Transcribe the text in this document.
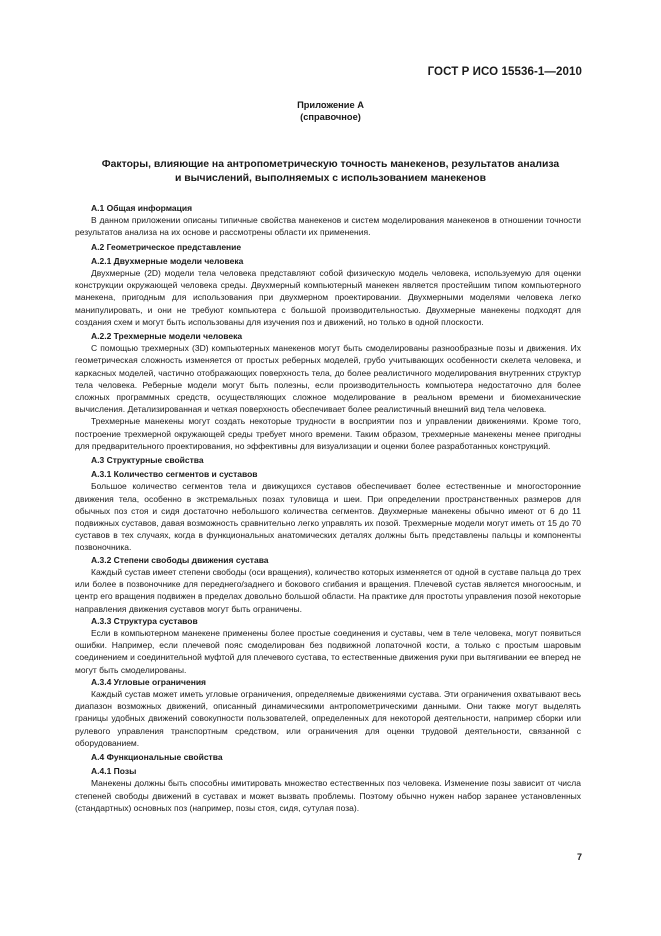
ГОСТ Р ИСО 15536-1—2010
Приложение А
(справочное)
Факторы, влияющие на антропометрическую точность манекенов, результатов анализа
и вычислений, выполняемых с использованием манекенов
А.1 Общая информация

В данном приложении описаны типичные свойства манекенов и систем моделирования манекенов в отношении точности результатов анализа на их основе и рассмотрены области их применения.

А.2 Геометрическое представление
А.2.1 Двухмерные модели человека

Двухмерные (2D) модели тела человека представляют собой физическую модель человека, используемую для оценки конструкции окружающей человека среды. Двухмерный компьютерный манекен является простейшим типом компьютерного манекена, пригодным для использования при двухмерном проектировании. Двухмерными моделями человека легко манипулировать, и они не требуют компьютера с большой производительностью. Двухмерные манекены подходят для создания схем и могут быть использованы для изучения поз и движений, но только в одной плоскости.

А.2.2 Трехмерные модели человека

С помощью трехмерных (3D) компьютерных манекенов могут быть смоделированы разнообразные позы и движения. Их геометрическая сложность изменяется от простых реберных моделей, грубо учитывающих особенности скелета человека, и каркасных моделей, частично отображающих поверхность тела, до более реалистичного моделирования внутренних структур тела человека. Реберные модели могут быть полезны, если производительность компьютера недостаточно для более сложных программных средств, осуществляющих сложное моделирование в реальном времени и биомеханические вычисления. Детализированная и четкая поверхность обеспечивает более реалистичный внешний вид тела человека.

Трехмерные манекены могут создать некоторые трудности в восприятии поз и управлении движениями. Кроме того, построение трехмерной окружающей среды требует много времени. Таким образом, трехмерные манекены менее пригодны для предварительного проектирования, но эффективны для визуализации и оценки более разработанных конструкций.

А.3 Структурные свойства
А.3.1 Количество сегментов и суставов

Большое количество сегментов тела и движущихся суставов обеспечивает более естественные и многосторонние движения тела, особенно в экстремальных позах туловища и шеи. При определении пространственных размеров для обычных поз стоя и сидя достаточно небольшого количества сегментов. Двухмерные манекены обычно имеют от 6 до 11 подвижных суставов, давая возможность сравнительно легко управлять их позой. Трехмерные модели могут иметь от 15 до 70 суставов в тех случаях, когда в функциональных анатомических деталях должны быть представлены пальцы и компоненты позвоночника.

А.3.2 Степени свободы движения сустава

Каждый сустав имеет степени свободы (оси вращения), количество которых изменяется от одной в суставе пальца до трех или более в позвоночнике для переднего/заднего и бокового сгибания и вращения. Плечевой сустав является многоосным, и центр его вращения подвижен в пределах довольно большой области. На практике для простоты управления позой некоторые направления движения суставов могут быть ограничены.

А.3.3 Структура суставов

Если в компьютерном манекене применены более простые соединения и суставы, чем в теле человека, могут появиться ошибки. Например, если плечевой пояс смоделирован без подвижной лопаточной кости, а только с простым шаровым соединением и соединительной муфтой для плечевого сустава, то естественные движения руки при вытягивании ее вперед не могут быть смоделированы.

А.3.4 Угловые ограничения

Каждый сустав может иметь угловые ограничения, определяемые движениями сустава. Эти ограничения охватывают весь диапазон возможных движений, описанный динамическими антропометрическими данными. Они также могут выделять границы удобных движений совокупности пользователей, определенных для некоторой деятельности, например сборки или рулевого управления транспортным средством, или ограничения для оценки трудовой деятельности, связанной с оборудованием.

А.4 Функциональные свойства
А.4.1 Позы

Манекены должны быть способны имитировать множество естественных поз человека. Изменение позы зависит от числа степеней свободы движений в суставах и может вызвать проблемы. Поэтому обычно нужен набор заранее установленных (стандартных) основных поз (например, позы стоя, сидя, сутулая поза).

7
